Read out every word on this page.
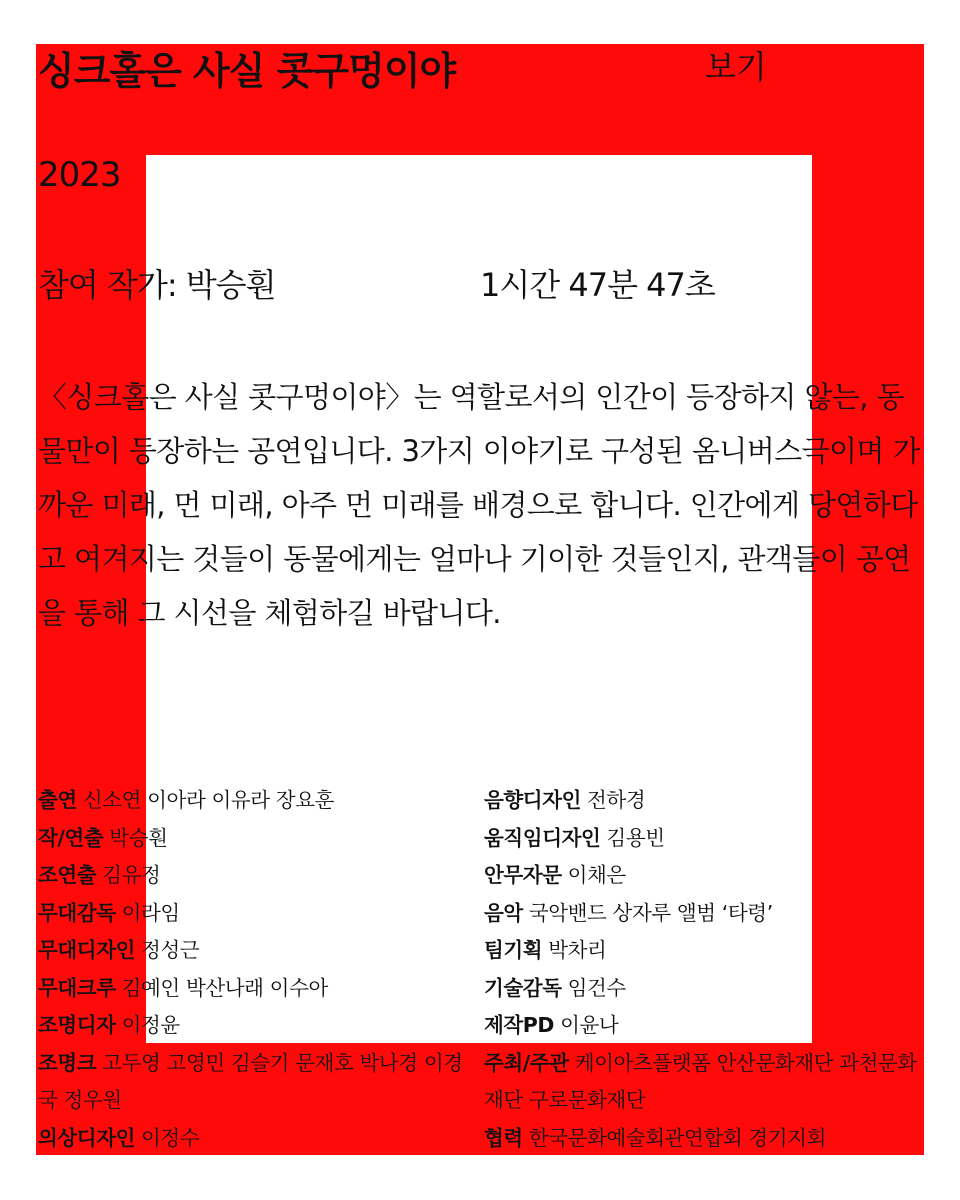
싱크홀은 사실 콧구멍이야	보기
2023
참여 작가: 박승훤	1시간 47분 47초

〈싱크홀은 사실 콧구멍이야〉는 역할로서의 인간이 등장하지 않는, 동물만이 등장하는 공연입니다. 3가지 이야기로 구성된 옴니버스극이며 가까운 미래, 먼 미래, 아주 먼 미래를 배경으로 합니다. 인간에게 당연하다고 여겨지는 것들이 동물에게는 얼마나 기이한 것들인지, 관객들이 공연을 통해 그 시선을 체험하길 바랍니다.

출연 신소연 이아라 이유라 장요훈

작/연출 박승훤

조연출 김유정

무대감독 이라임

무대디자인 정성근

무대크루 김예인 박산나래 이수아

조명디자 이정윤

조명크 고두영 고영민 김슬기 문재호 박나경 이경국 정우원

의상디자인 이정수

음향디자인 전하경

움직임디자인 김용빈

안무자문 이채은

음악 국악밴드 상자루 앨범 ‘타령’

팀기획 박차리

기술감독 임건수

제작PD 이윤나

주최/주관 케이아츠플랫폼 안산문화재단 과천문화재단 구로문화재단

협력 한국문화예술회관연합회 경기지회
